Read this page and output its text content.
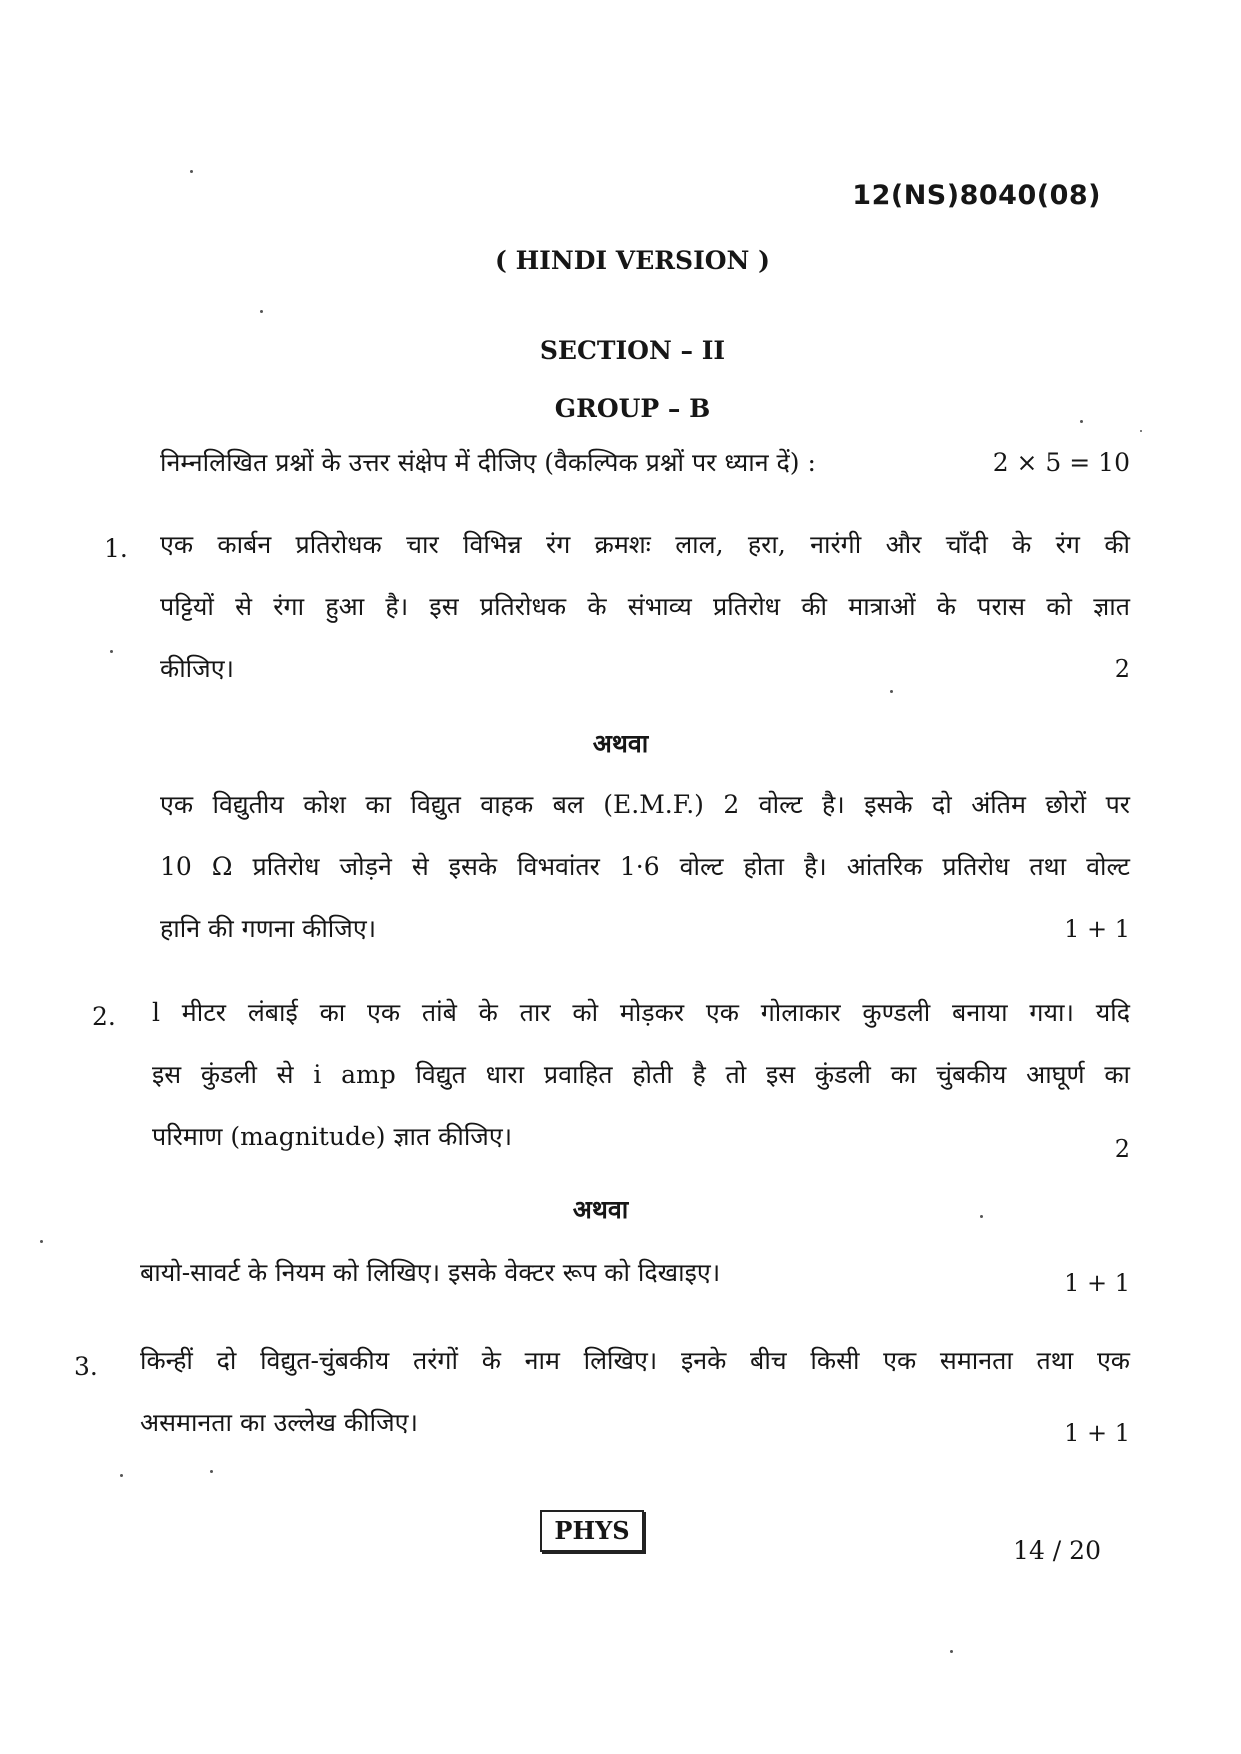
12(NS)8040(08)
( HINDI VERSION )
SECTION – II
GROUP – B
निम्नलिखित प्रश्नों के उत्तर संक्षेप में दीजिए (वैकल्पिक प्रश्नों पर ध्यान दें) :	2 × 5 = 10
1. एक कार्बन प्रतिरोधक चार विभिन्न रंग क्रमशः लाल, हरा, नारंगी और चाँदी के रंग की
पट्टियों से रंगा हुआ है। इस प्रतिरोधक के संभाव्य प्रतिरोध की मात्राओं के परास को ज्ञात
कीजिए।	2
अथवा
एक विद्युतीय कोश का विद्युत वाहक बल (E.M.F.) 2 वोल्ट है। इसके दो अंतिम छोरों पर
10 Ω प्रतिरोध जोड़ने से इसके विभवांतर 1·6 वोल्ट होता है। आंतरिक प्रतिरोध तथा वोल्ट
हानि की गणना कीजिए।	1 + 1
2. l मीटर लंबाई का एक तांबे के तार को मोड़कर एक गोलाकार कुण्डली बनाया गया। यदि
इस कुंडली से i amp विद्युत धारा प्रवाहित होती है तो इस कुंडली का चुंबकीय आघूर्ण का
परिमाण (magnitude) ज्ञात कीजिए।	2
अथवा
बायो-सावर्ट के नियम को लिखिए। इसके वेक्टर रूप को दिखाइए।	1 + 1
3. किन्हीं दो विद्युत-चुंबकीय तरंगों के नाम लिखिए। इनके बीच किसी एक समानता तथा एक
असमानता का उल्लेख कीजिए।	1 + 1
PHYS
14 / 20
